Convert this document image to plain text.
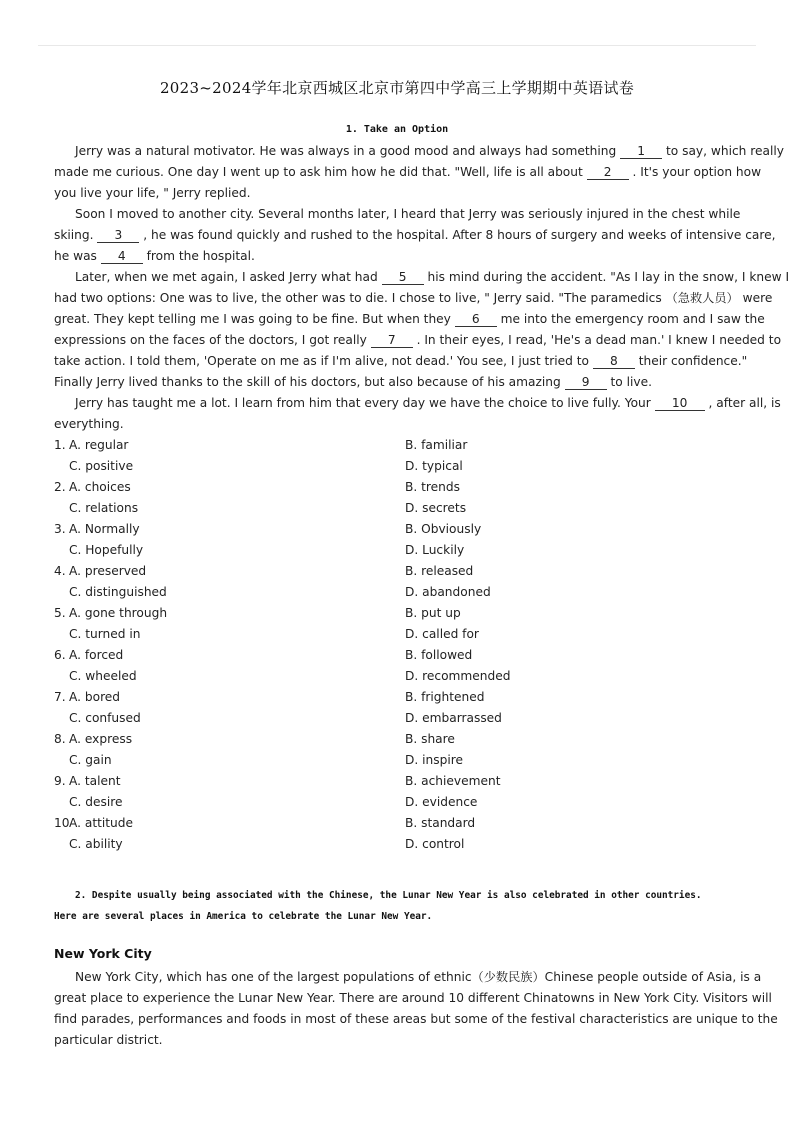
2023~2024学年北京西城区北京市第四中学高三上学期期中英语试卷
1. Take an Option
Jerry was a natural motivator. He was always in a good mood and always had something 1 to say, which really
made me curious. One day I went up to ask him how he did that. "Well, life is all about 2 . It's your option how
you live your life, " Jerry replied.
Soon I moved to another city. Several months later, I heard that Jerry was seriously injured in the chest while
skiing. 3 , he was found quickly and rushed to the hospital. After 8 hours of surgery and weeks of intensive care,
he was 4 from the hospital.
Later, when we met again, I asked Jerry what had 5 his mind during the accident. "As I lay in the snow, I knew I
had two options: One was to live, the other was to die. I chose to live, " Jerry said. "The paramedics （急救人员） were
great. They kept telling me I was going to be fine. But when they 6 me into the emergency room and I saw the
expressions on the faces of the doctors, I got really 7 . In their eyes, I read, 'He's a dead man.' I knew I needed to
take action. I told them, 'Operate on me as if I'm alive, not dead.' You see, I just tried to 8 their confidence."
Finally Jerry lived thanks to the skill of his doctors, but also because of his amazing 9 to live.
Jerry has taught me a lot. I learn from him that every day we have the choice to live fully. Your 10 , after all, is
everything.
1. A. regular	B. familiar
C. positive	D. typical
2. A. choices	B. trends
C. relations	D. secrets
3. A. Normally	B. Obviously
C. Hopefully	D. Luckily
4. A. preserved	B. released
C. distinguished	D. abandoned
5. A. gone through	B. put up
C. turned in	D. called for
6. A. forced	B. followed
C. wheeled	D. recommended
7. A. bored	B. frightened
C. confused	D. embarrassed
8. A. express	B. share
C. gain	D. inspire
9. A. talent	B. achievement
C. desire	D. evidence
10 A. attitude	B. standard
C. ability	D. control
2. Despite usually being associated with the Chinese, the Lunar New Year is also celebrated in other countries.
Here are several places in America to celebrate the Lunar New Year.
New York City
New York City, which has one of the largest populations of ethnic（少数民族）Chinese people outside of Asia, is a
great place to experience the Lunar New Year. There are around 10 different Chinatowns in New York City. Visitors will
find parades, performances and foods in most of these areas but some of the festival characteristics are unique to the
particular district.
